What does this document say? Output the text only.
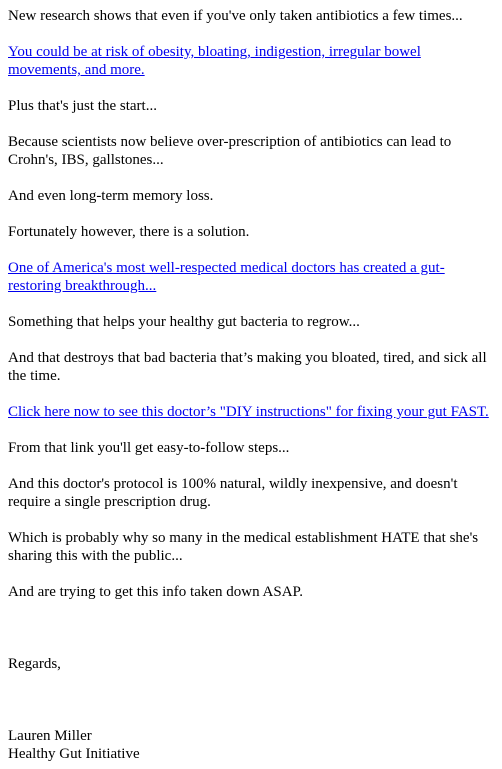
New research shows that even if you've only taken antibiotics a few times...

You could be at risk of obesity, bloating, indigestion, irregular bowel movements, and more.

Plus that's just the start...

Because scientists now believe over-prescription of antibiotics can lead to Crohn's, IBS, gallstones...

And even long-term memory loss.

Fortunately however, there is a solution.

One of America's most well-respected medical doctors has created a gut-restoring breakthrough...

Something that helps your healthy gut bacteria to regrow...

And that destroys that bad bacteria that’s making you bloated, tired, and sick all the time.

Click here now to see this doctor’s "DIY instructions" for fixing your gut FAST.

From that link you'll get easy-to-follow steps...

And this doctor's protocol is 100% natural, wildly inexpensive, and doesn't require a single prescription drug.

Which is probably why so many in the medical establishment HATE that she's sharing this with the public...

And are trying to get this info taken down ASAP.

Regards,

Lauren Miller
Healthy Gut Initiative
